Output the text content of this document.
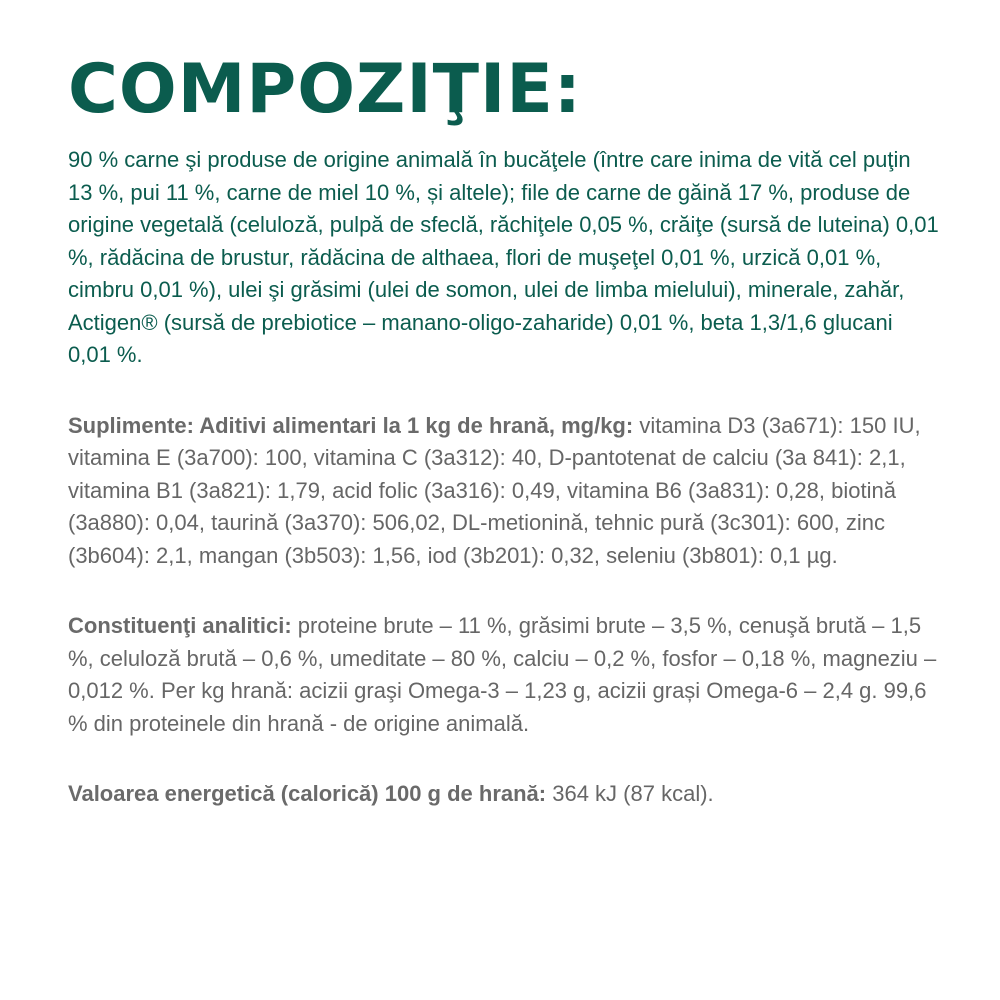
COMPOZIŢIE:

90 % carne şi produse de origine animală în bucăţele (între care inima de vită cel puţin 13 %, pui 11 %, carne de miel 10 %, și altele); file de carne de găină 17 %, produse de origine vegetală (celuloză, pulpă de sfeclă, răchiţele 0,05 %, crăiţe (sursă de luteina) 0,01 %, rădăcina de brustur, rădăcina de althaea, flori de muşeţel 0,01 %, urzică 0,01 %, cimbru 0,01 %), ulei şi grăsimi (ulei de somon, ulei de limba mielului), minerale, zahăr, Actigen® (sursă de prebiotice – manano-oligo-zaharide) 0,01 %, beta 1,3/1,6 glucani 0,01 %.

Suplimente: Aditivi alimentari la 1 kg de hrană, mg/kg: vitamina D3 (3a671): 150 IU, vitamina E (3a700): 100, vitamina C (3a312): 40, D-pantotenat de calciu (3a 841): 2,1, vitamina B1 (3a821): 1,79, acid folic (3a316): 0,49, vitamina B6 (3a831): 0,28, biotină (3a880): 0,04, taurină (3a370): 506,02, DL-metionină, tehnic pură (3c301): 600, zinc (3b604): 2,1, mangan (3b503): 1,56, iod (3b201): 0,32, seleniu (3b801): 0,1 µg.

Constituenţi analitici: proteine brute – 11 %, grăsimi brute – 3,5 %, cenuşă brută – 1,5 %, celuloză brută – 0,6 %, umeditate – 80 %, calciu – 0,2 %, fosfor – 0,18 %, magneziu – 0,012 %. Per kg hrană: acizii graşi Omega-3 – 1,23 g, acizii grași Omega-6 – 2,4 g. 99,6 % din proteinele din hrană - de origine animală.

Valoarea energetică (calorică) 100 g de hrană: 364 kJ (87 kcal).
